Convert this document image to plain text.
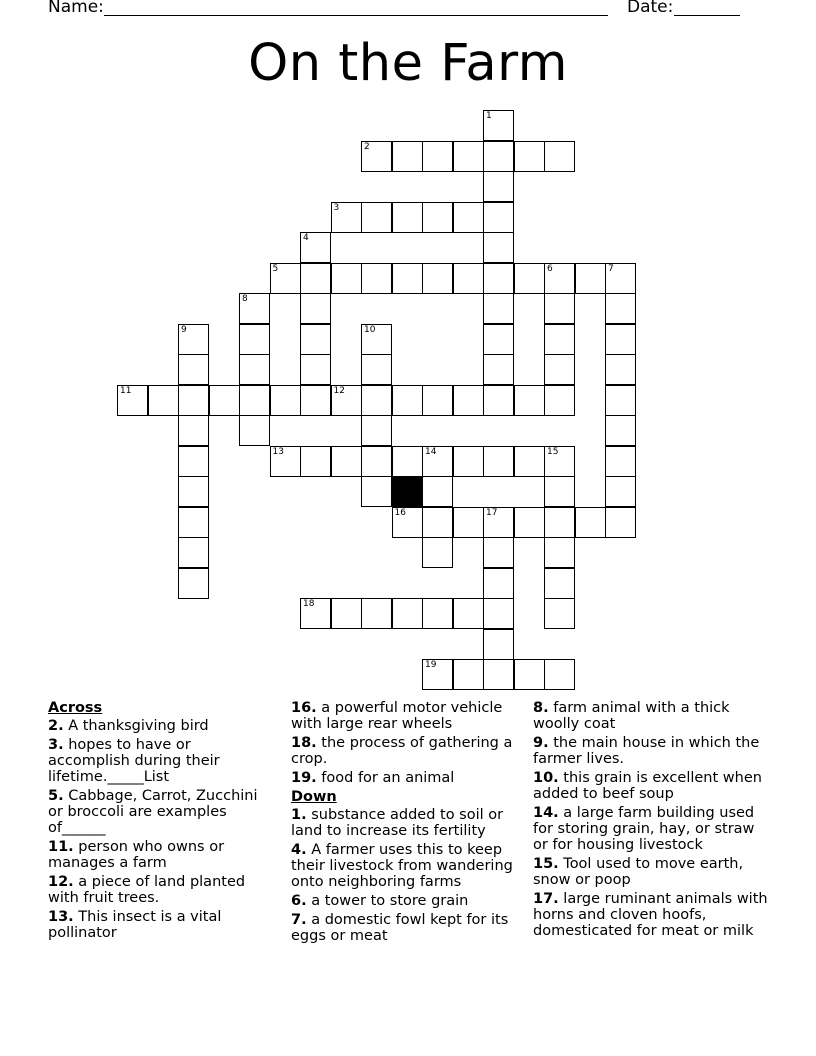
Name:	Date:
On the Farm
2
3
5	6	7
11	12
13	14
16	17
18
19
1
4
8
9	10
15
Across
2. A thanksgiving bird
3. hopes to have or accomplish during their lifetime._____List
5. Cabbage, Carrot, Zucchini or broccoli are examples of______
11. person who owns or manages a farm
12. a piece of land planted with fruit trees.
13. This insect is a vital pollinator
16. a powerful motor vehicle with large rear wheels
18. the process of gathering a crop.
19. food for an animal
Down
1. substance added to soil or land to increase its fertility
4. A farmer uses this to keep their livestock from wandering onto neighboring farms
6. a tower to store grain
7. a domestic fowl kept for its eggs or meat
8. farm animal with a thick woolly coat
9. the main house in which the farmer lives.
10. this grain is excellent when added to beef soup
14. a large farm building used for storing grain, hay, or straw or for housing livestock
15. Tool used to move earth, snow or poop
17. large ruminant animals with horns and cloven hoofs, domesticated for meat or milk
